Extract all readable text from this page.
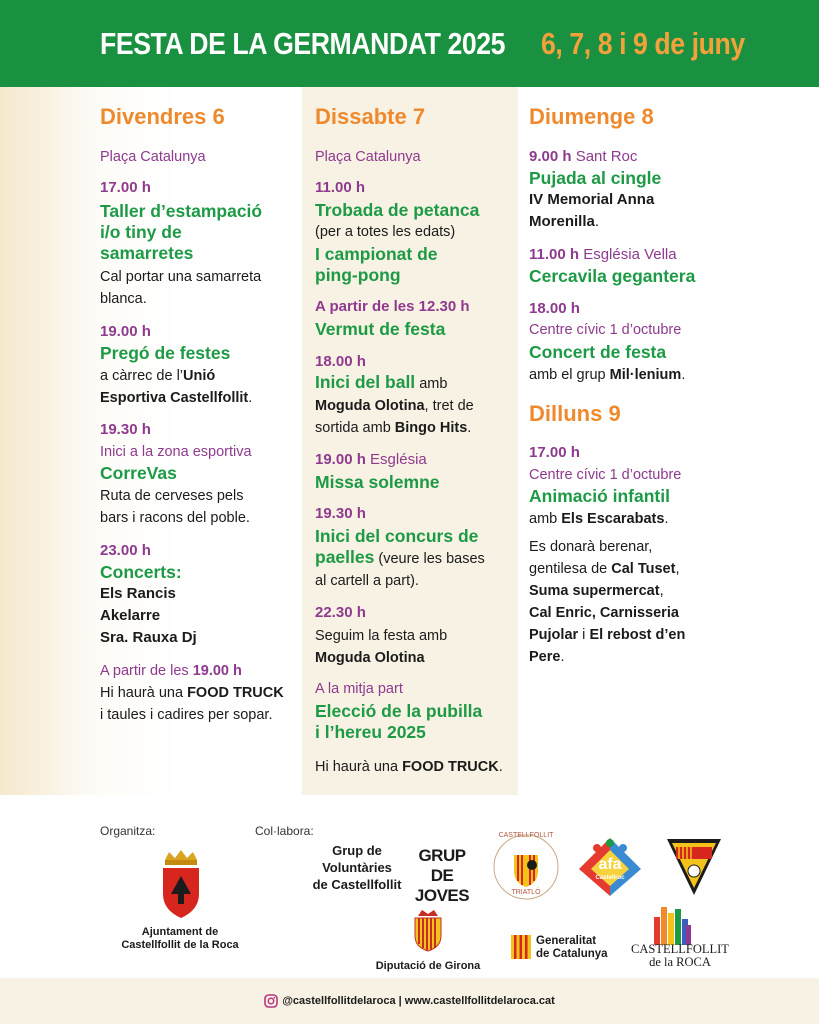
FESTA DE LA GERMANDAT 2025 6, 7, 8 i 9 de juny
Divendres 6
Plaça Catalunya
17.00 h
Taller d’estampació
i/o tiny de
samarretes
Cal portar una samarreta
blanca.
19.00 h
Pregó de festes
a càrrec de l’Unió
Esportiva Castellfollit.
19.30 h
Inici a la zona esportiva
CorreVas
Ruta de cerveses pels
bars i racons del poble.
23.00 h
Concerts:
Els Rancis
Akelarre
Sra. Rauxa Dj
A partir de les 19.00 h
Hi haurà una FOOD TRUCK
i taules i cadires per sopar.
Dissabte 7
Plaça Catalunya
11.00 h
Trobada de petanca
(per a totes les edats)
I campionat de
ping-pong
A partir de les 12.30 h
Vermut de festa
18.00 h
Inici del ball amb
Moguda Olotina, tret de
sortida amb Bingo Hits.
19.00 h Església
Missa solemne
19.30 h
Inici del concurs de
paelles (veure les bases
al cartell a part).
22.30 h
Seguim la festa amb
Moguda Olotina
A la mitja part
Elecció de la pubilla
i l’hereu 2025
Hi haurà una FOOD TRUCK.
Diumenge 8
9.00 h Sant Roc
Pujada al cingle
IV Memorial Anna
Morenilla.
11.00 h Església Vella
Cercavila gegantera
18.00 h
Centre cívic 1 d’octubre
Concert de festa
amb el grup Mil·lenium.
Dilluns 9
17.00 h
Centre cívic 1 d’octubre
Animació infantil
amb Els Escarabats.
Es donarà berenar,
gentilesa de Cal Tuset,
Suma supermercat,
Cal Enric, Carnisseria
Pujolar i El rebost d’en
Pere.
Organitza:	Col·labora:
Ajuntament de
Castellfollit de la Roca
Grup de
Voluntàries
de Castellfollit
GRUP DE
JOVES
CASTELLFOLLIT
TRIATLÓ
afa
Castellroc
Diputació de Girona
Generalitat
de Catalunya CASTELLFOLLIT
de la ROCA
@castellfollitdelaroca | www.castellfollitdelaroca.cat
